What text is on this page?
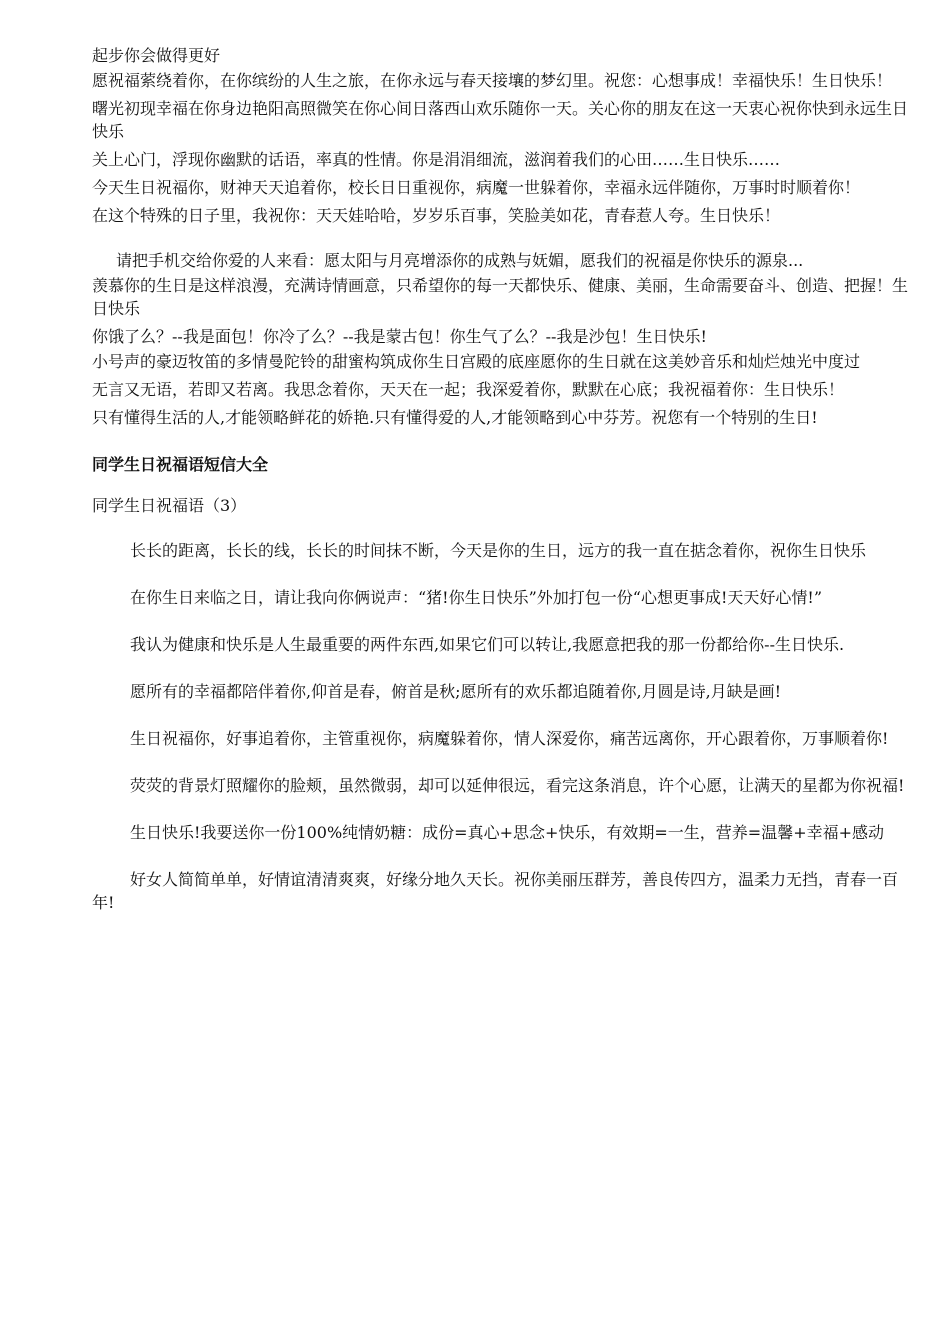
起步你会做得更好

愿祝福萦绕着你，在你缤纷的人生之旅，在你永远与春天接壤的梦幻里。祝您：心想事成！幸福快乐！生日快乐！

曙光初现幸福在你身边艳阳高照微笑在你心间日落西山欢乐随你一天。关心你的朋友在这一天衷心祝你快到永远生日快乐

关上心门，浮现你幽默的话语，率真的性情。你是涓涓细流，滋润着我们的心田……生日快乐……

今天生日祝福你，财神天天追着你，校长日日重视你，病魔一世躲着你，幸福永远伴随你，万事时时顺着你！

在这个特殊的日子里，我祝你：天天娃哈哈，岁岁乐百事，笑脸美如花，青春惹人夸。生日快乐！

请把手机交给你爱的人来看：愿太阳与月亮增添你的成熟与妩媚，愿我们的祝福是你快乐的源泉...

羡慕你的生日是这样浪漫，充满诗情画意，只希望你的每一天都快乐、健康、美丽，生命需要奋斗、创造、把握！生日快乐

你饿了么？--我是面包！你冷了么？--我是蒙古包！你生气了么？--我是沙包！生日快乐!

小号声的豪迈牧笛的多情曼陀铃的甜蜜构筑成你生日宫殿的底座愿你的生日就在这美妙音乐和灿烂烛光中度过

无言又无语，若即又若离。我思念着你，天天在一起；我深爱着你，默默在心底；我祝福着你：生日快乐！

只有懂得生活的人,才能领略鲜花的娇艳.只有懂得爱的人,才能领略到心中芬芳。祝您有一个特别的生日!

同学生日祝福语短信大全

同学生日祝福语（3）

长长的距离，长长的线，长长的时间抹不断，今天是你的生日，远方的我一直在掂念着你，祝你生日快乐

在你生日来临之日，请让我向你俩说声：“猪!你生日快乐”外加打包一份“心想更事成!天天好心情!”

我认为健康和快乐是人生最重要的两件东西,如果它们可以转让,我愿意把我的那一份都给你--生日快乐.

愿所有的幸福都陪伴着你,仰首是春，俯首是秋;愿所有的欢乐都追随着你,月圆是诗,月缺是画!

生日祝福你，好事追着你，主管重视你，病魔躲着你，情人深爱你，痛苦远离你，开心跟着你，万事顺着你!

荧荧的背景灯照耀你的脸颊，虽然微弱，却可以延伸很远，看完这条消息，许个心愿，让满天的星都为你祝福!

生日快乐!我要送你一份100%纯情奶糖：成份=真心+思念+快乐，有效期=一生，营养=温馨+幸福+感动

好女人简简单单，好情谊清清爽爽，好缘分地久天长。祝你美丽压群芳，善良传四方，温柔力无挡，青春一百年!
